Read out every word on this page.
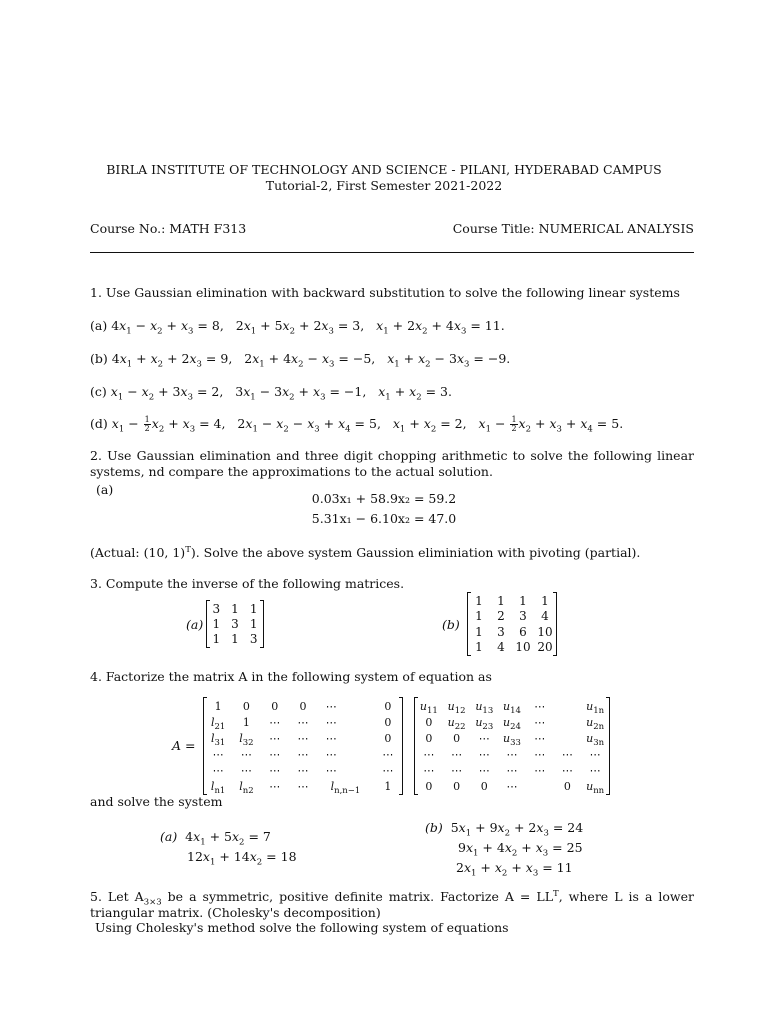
BIRLA INSTITUTE OF TECHNOLOGY AND SCIENCE - PILANI, HYDERABAD CAMPUS
Tutorial-2, First Semester 2021-2022
Course No.: MATH F313	Course Title: NUMERICAL ANALYSIS
1. Use Gaussian elimination with backward substitution to solve the following linear systems
(a) $4x_1 - x_2 + x_3 = 8$,   $2x_1 + 5x_2 + 2x_3 = 3$,   $x_1 + 2x_2 + 4x_3 = 11$.
(b) $4x_1 + x_2 + 2x_3 = 9$,   $2x_1 + 4x_2 - x_3 = -5$,   $x_1 + x_2 - 3x_3 = -9$.
(c) $x_1 - x_2 + 3x_3 = 2$,   $3x_1 - 3x_2 + x_3 = -1$,   $x_1 + x_2 = 3$.
(d) $x_1 - 1$
2 $x_2 + x_3 = 4$,   $2x_1 - x_2 - x_3 + x_4 = 5$,   $x_1 + x_2 = 2$,   $x_1 - 1$
2 $x_2 + x_3 + x_4 = 5$.
2. Use Gaussian elimination and three digit chopping arithmetic to solve the following linear systems, nd compare the approximations to the actual solution.
(a)
0.03x₁ + 58.9x₂ = 59.2
5.31x₁ − 6.10x₂ = 47.0
(Actual: (10, 1)$^T$). Solve the above system Gaussion eliminiation with pivoting (partial).
3. Compute the inverse of the following matrices.
(a)
3 1 1
1 3 1
1 1 3
(b)
1 1 1 1
1 2 3 4
1 3 6 10
1 4 10 20
4. Factorize the matrix A in the following system of equation as
A =
1 0 0 0 ⋯	0
$l_{21}$ 1 ⋯ ⋯ ⋯	0
$l_{31}$ $l_{32}$ ⋯ ⋯ ⋯	0
⋯ ⋯ ⋯ ⋯ ⋯	⋯
⋯ ⋯ ⋯ ⋯ ⋯	⋯
$l_{n1}$ $l_{n2}$ ⋯ ⋯ $l_{n,n-1}$ 1
$u_{11}$ $u_{12}$ $u_{13}$ $u_{14}$ ⋯	$u_{1n}$
0 $u_{22}$ $u_{23}$ $u_{24}$ ⋯	$u_{2n}$
0 0 ⋯ $u_{33}$ ⋯	$u_{3n}$
⋯ ⋯ ⋯ ⋯ ⋯ ⋯ ⋯
⋯ ⋯ ⋯ ⋯ ⋯ ⋯ ⋯
0 0 0 ⋯	0 $u_{nn}$
and solve the system
(a)  $4x_1 + 5x_2 = 7$
$12x_1 + 14x_2 = 18$
(b)  $5x_1 + 9x_2 + 2x_3 = 24$
$9x_1 + 4x_2 + x_3 = 25$
$2x_1 + x_2 + x_3 = 11$
5. Let $A_{3\times 3}$ be a symmetric, positive definite matrix. Factorize $A = LL^T$, where L is a lower triangular matrix. (Cholesky's decomposition)
Using Cholesky's method solve the following system of equations
